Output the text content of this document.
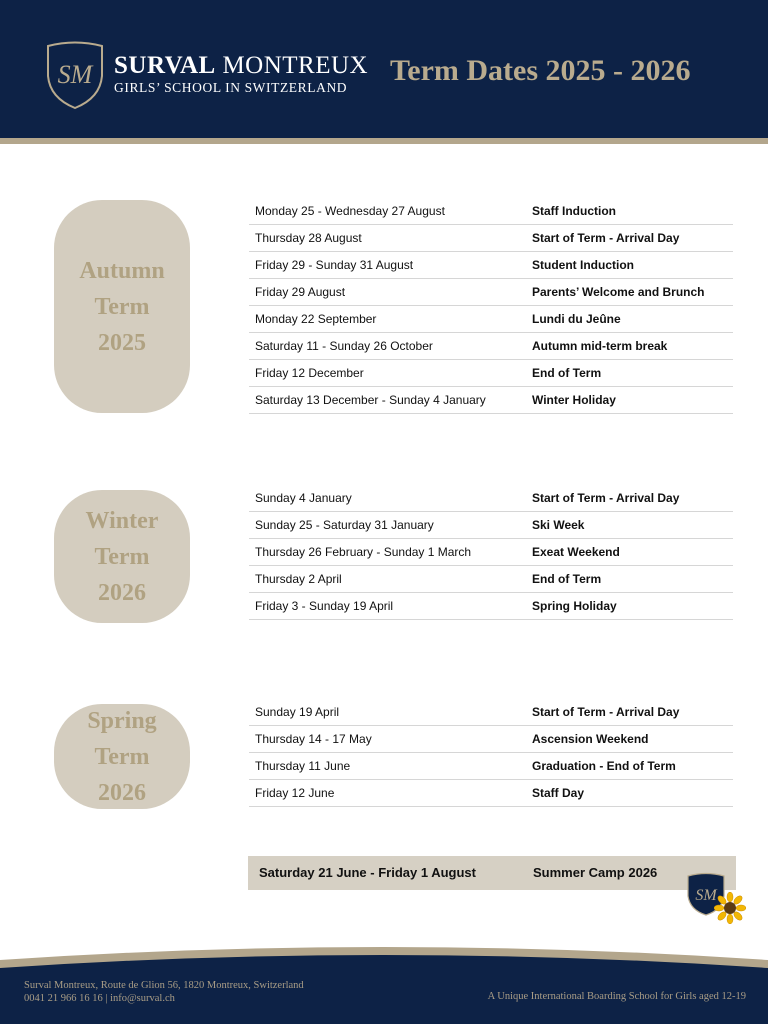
SM SURVAL MONTREUX
GIRLS’ SCHOOL IN SWITZERLAND
Term Dates 2025 - 2026
Autumn
Term
2025
Monday 25 - Wednesday 27 August	Staff Induction
Thursday 28 August	Start of Term - Arrival Day
Friday 29 - Sunday 31 August	Student Induction
Friday 29 August	Parents’ Welcome and Brunch
Monday 22 September	Lundi du Jeûne
Saturday 11 - Sunday 26 October	Autumn mid-term break
Friday 12 December	End of Term
Saturday 13 December - Sunday 4 January	Winter Holiday
Winter
Term
2026
Sunday 4 January	Start of Term - Arrival Day
Sunday 25 - Saturday 31 January	Ski Week
Thursday 26 February - Sunday 1 March	Exeat Weekend
Thursday 2 April	End of Term
Friday 3 - Sunday 19 April	Spring Holiday
Spring
Term
2026
Sunday 19 April	Start of Term - Arrival Day
Thursday 14 - 17 May	Ascension Weekend
Thursday 11 June	Graduation - End of Term
Friday 12 June	Staff Day
Saturday 21 June - Friday 1 August	Summer Camp 2026
SM
Surval Montreux, Route de Glion 56, 1820 Montreux, Switzerland
0041 21 966 16 16 | info@surval.ch	A Unique International Boarding School for Girls aged 12-19
